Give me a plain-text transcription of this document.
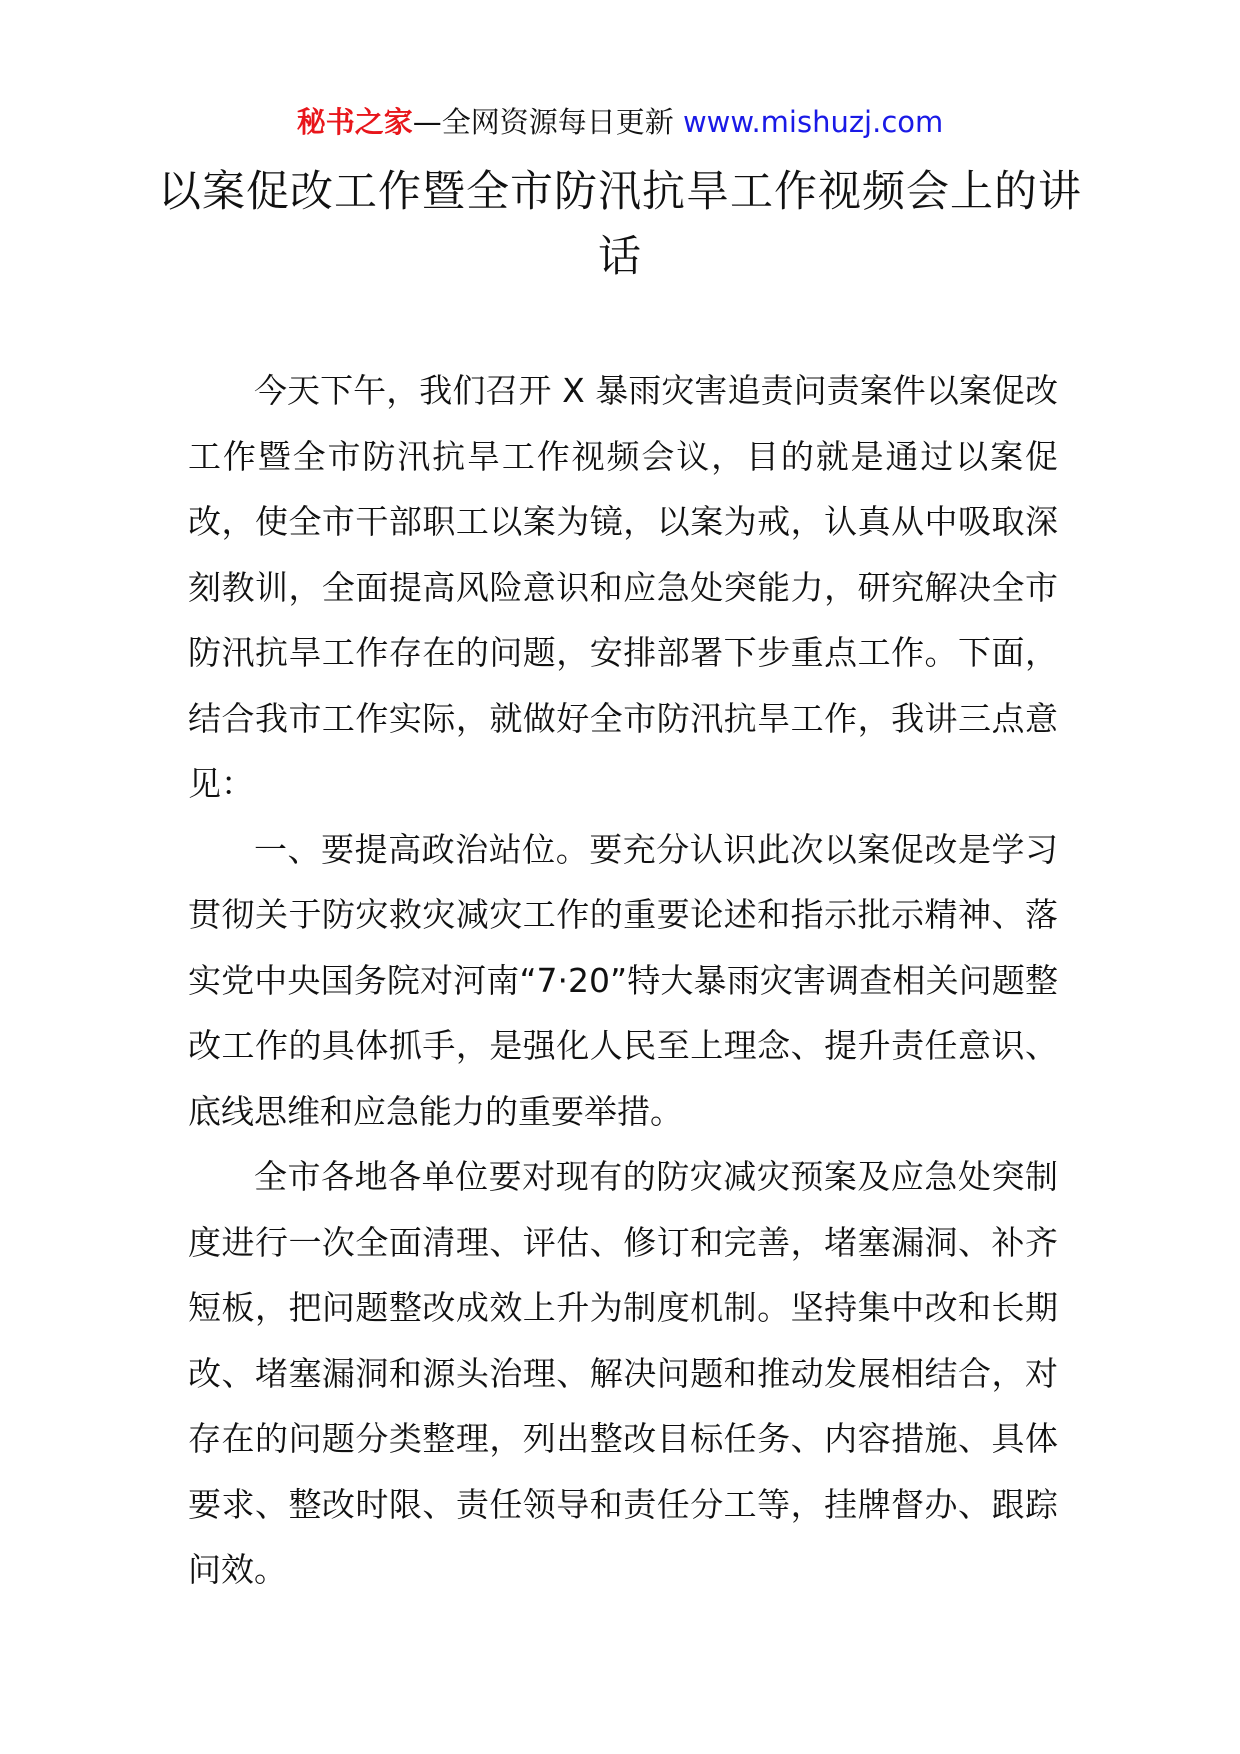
秘书之家—全网资源每日更新 www.mishuzj.com
以案促改工作暨全市防汛抗旱工作视频会上的讲话

今天下午，我们召开 X 暴雨灾害追责问责案件以案促改工作暨全市防汛抗旱工作视频会议，目的就是通过以案促改，使全市干部职工以案为镜，以案为戒，认真从中吸取深刻教训，全面提高风险意识和应急处突能力，研究解决全市防汛抗旱工作存在的问题，安排部署下步重点工作。下面，结合我市工作实际，就做好全市防汛抗旱工作，我讲三点意见：

一、要提高政治站位。要充分认识此次以案促改是学习贯彻关于防灾救灾减灾工作的重要论述和指示批示精神、落实党中央国务院对河南“7·20”特大暴雨灾害调查相关问题整改工作的具体抓手，是强化人民至上理念、提升责任意识、底线思维和应急能力的重要举措。

全市各地各单位要对现有的防灾减灾预案及应急处突制度进行一次全面清理、评估、修订和完善，堵塞漏洞、补齐短板，把问题整改成效上升为制度机制。坚持集中改和长期改、堵塞漏洞和源头治理、解决问题和推动发展相结合，对存在的问题分类整理，列出整改目标任务、内容措施、具体要求、整改时限、责任领导和责任分工等，挂牌督办、跟踪问效。
